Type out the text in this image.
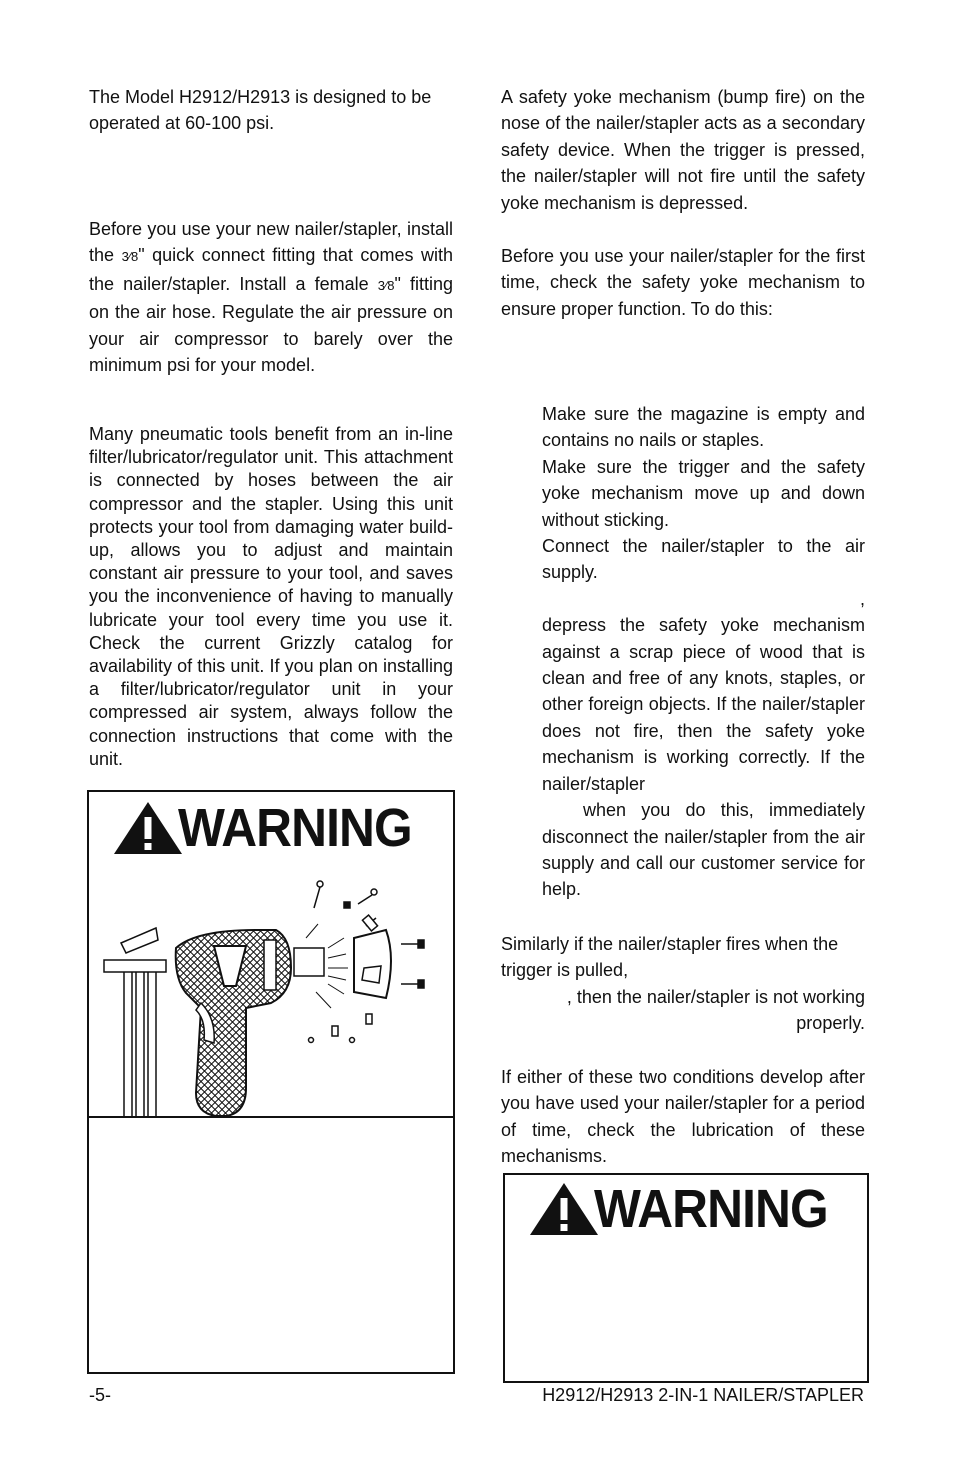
The Model H2912/H2913 is designed to be operated at 60-100 psi.

Before you use your new nailer/stapler, install the 3⁄8" quick connect fitting that comes with the nailer/stapler. Install a female 3⁄8" fitting on the air hose. Regulate the air pressure on your air compressor to barely over the minimum psi for your model.

Many pneumatic tools benefit from an in-line filter/lubricator/regulator unit. This attachment is connected by hoses between the air compressor and the stapler. Using this unit protects your tool from damaging water build-up, allows you to adjust and maintain constant air pressure to your tool, and saves you the inconvenience of having to manually lubricate your tool every time you use it. Check the current Grizzly catalog for availability of this unit. If you plan on installing a filter/lubricator/regulator unit in your compressed air system, always follow the connection instructions that come with the unit.

WARNING

A safety yoke mechanism (bump fire) on the nose of the nailer/stapler acts as a secondary safety device. When the trigger is pressed, the nailer/stapler will not fire until the safety yoke mechanism is depressed.

Before you use your nailer/stapler for the first time, check the safety yoke mechanism to ensure proper function. To do this:

Make sure the magazine is empty and contains no nails or staples.

Make sure the trigger and the safety yoke mechanism move up and down without sticking.

Connect the nailer/stapler to the air supply.

,

depress the safety yoke mechanism against a scrap piece of wood that is clean and free of any knots, staples, or other foreign objects. If the nailer/stapler does not fire, then the safety yoke mechanism is working correctly. If the nailer/stapler

when you do this, immediately disconnect the nailer/stapler from the air supply and call our customer service for help.

Similarly if the nailer/stapler fires when the trigger is pulled,

, then the nailer/stapler is not working properly.

If either of these two conditions develop after you have used your nailer/stapler for a period of time, check the lubrication of these mechanisms.

WARNING
-5-	H2912/H2913 2-IN-1 NAILER/STAPLER
